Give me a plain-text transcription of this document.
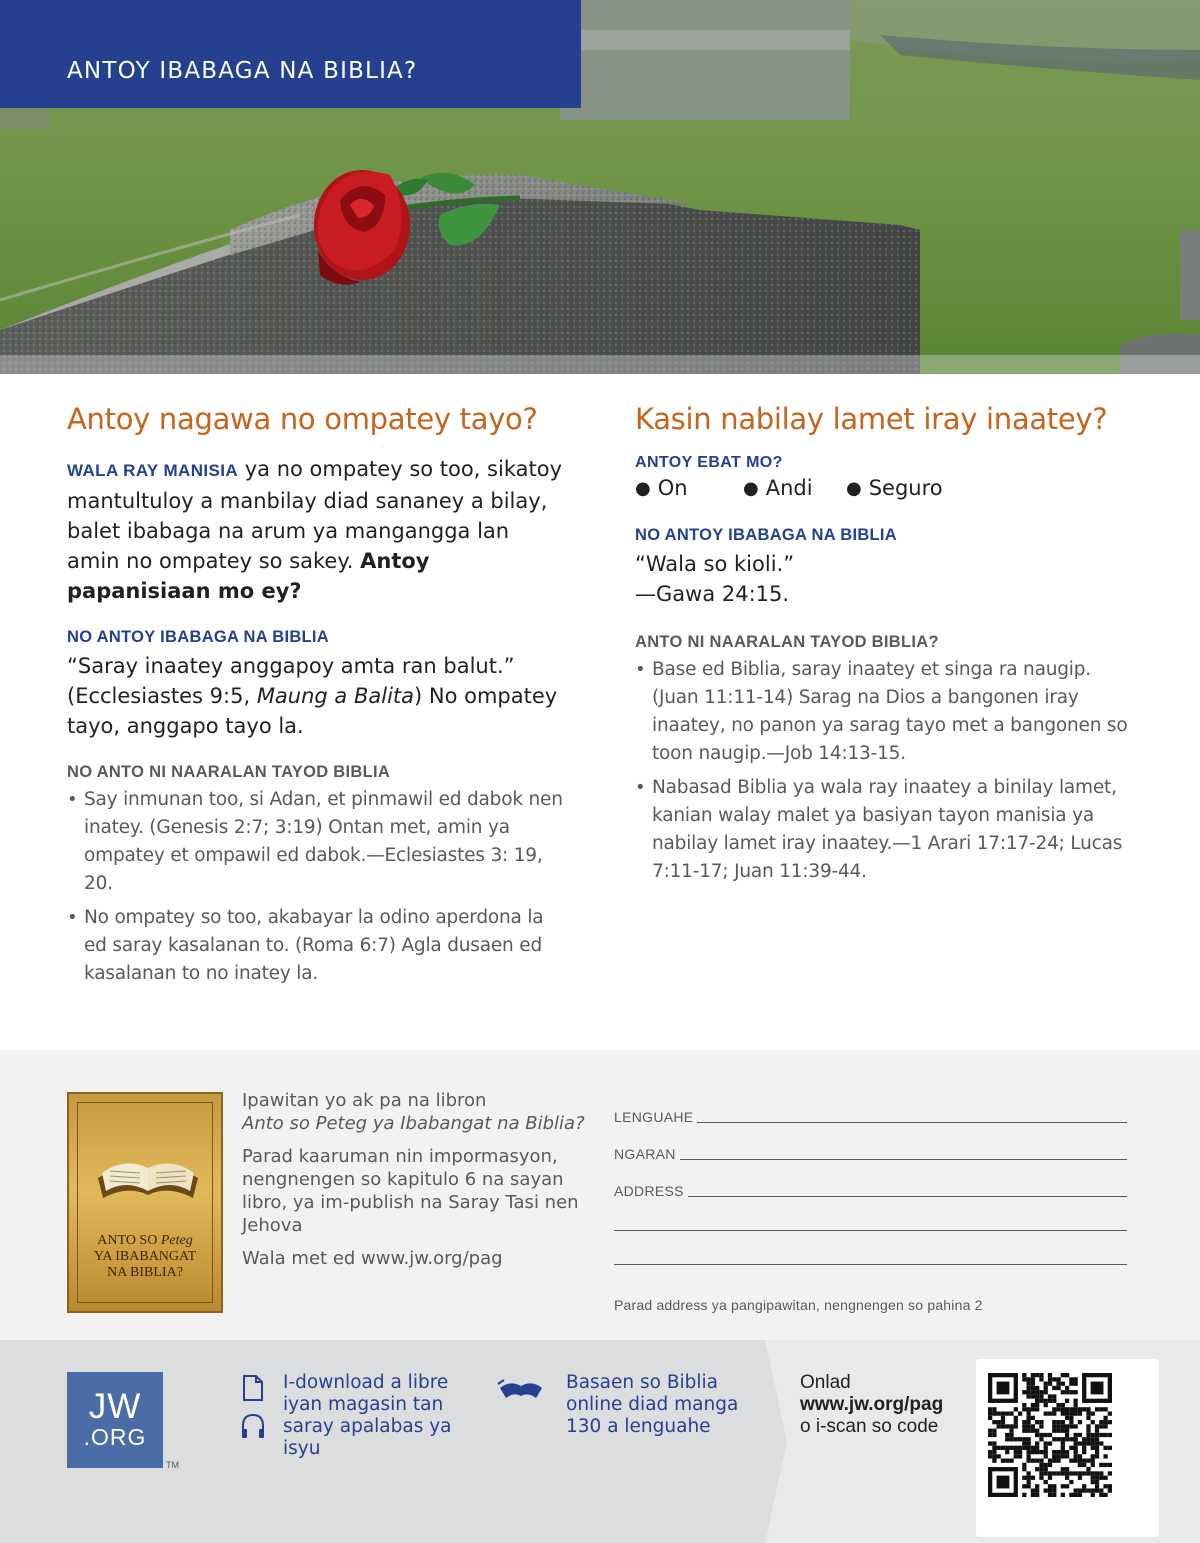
ANTOY IBABAGA NA BIBLIA?
Antoy nagawa no ompatey tayo?

WALA RAY MANISIA ya no ompatey so too, sikatoy mantultuloy a manbilay diad sananey a bilay, balet ibabaga na arum ya mangangga lan amin no ompatey so sakey. Antoy papanisiaan mo ey?

NO ANTOY IBABAGA NA BIBLIA

“Saray inaatey anggapoy amta ran balut.” (Ecclesiastes 9:5, Maung a Balita) No ompatey tayo, anggapo tayo la.

NO ANTO NI NAARALAN TAYOD BIBLIA
• Say inmunan too, si Adan, et pinmawil ed dabok nen inatey. (Genesis 2:7; 3:19) Ontan met, amin ya ompatey et ompawil ed dabok.—Eclesiastes 3: 19, 20.
• No ompatey so too, akabayar la odino aperdona la ed saray kasalanan to. (Roma 6:7) Agla dusaen ed kasalanan to no inatey la.
Kasin nabilay lamet iray inaatey?
ANTOY EBAT MO?
● On	● Andi ● Seguro
NO ANTOY IBABAGA NA BIBLIA

“Wala so kioli.”

—Gawa 24:15.

ANTO NI NAARALAN TAYOD BIBLIA?
• Base ed Biblia, saray inaatey et singa ra naugip. (Juan 11:11-14) Sarag na Dios a bangonen iray inaatey, no panon ya sarag tayo met a bangonen so toon naugip.—Job 14:13-15.
• Nabasad Biblia ya wala ray inaatey a binilay lamet, kanian walay malet ya basiyan tayon manisia ya nabilay lamet iray inaatey.—1 Arari 17:17-24; Lucas 7:11-17; Juan 11:39-44.
ANTO SO Peteg
YA IBABANGAT
NA BIBLIA?

Ipawitan yo ak pa na libron
Anto so Peteg ya Ibabangat na Biblia?

Parad kaaruman nin impormasyon, nengnengen so kapitulo 6 na sayan libro, ya im-publish na Saray Tasi nen Jehova

Wala met ed www.jw.org/pag

LENGUAHE
NGARAN
ADDRESS
Parad address ya pangipawitan, nengnengen so pahina 2
JW
.ORG
TM
I-download a libre
iyan magasin tan
saray apalabas ya
isyu
Basaen so Biblia
online diad manga
130 a lenguahe
Onlad
www.jw.org/pag
o i-scan so code
